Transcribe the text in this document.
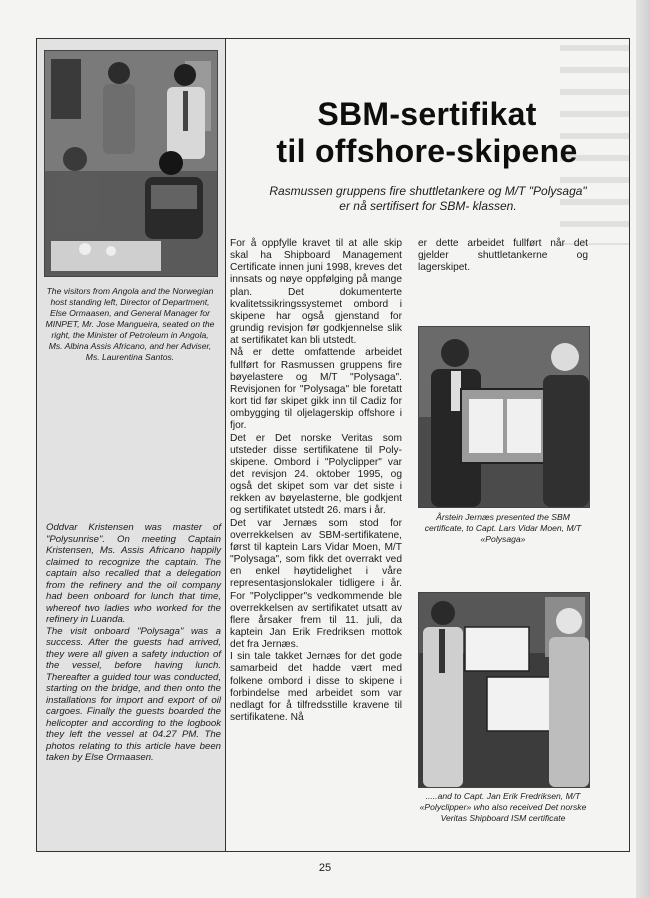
The visitors from Angola and the Norwegian host standing left, Director of Department, Else Ormaasen, and General Manager for MINPET, Mr. Jose Mangueira, seated on the right, the Minister of Petroleum in Angola, Ms. Albina Assis Africano, and her Adviser, Ms. Laurentina Santos.

Oddvar Kristensen was master of "Polysunrise". On meeting Captain Kristensen, Ms. Assis Africano happily claimed to recognize the captain. The captain also recalled that a delegation from the refinery and the oil company had been onboard for lunch that time, whereof two ladies who worked for the refinery in Luanda.

The visit onboard "Polysaga" was a success. After the guests had arrived, they were all given a safety induction of the vessel, before having lunch. Thereafter a guided tour was conducted, starting on the bridge, and then onto the installations for import and export of oil cargoes. Finally the guests boarded the helicopter and according to the logbook they left the vessel at 04.27 PM. The photos relating to this article have been taken by Else Ormaasen.

SBM-sertifikat
til offshore-skipene
Rasmussen gruppens fire shuttletankere og M/T "Polysaga"
er nå sertifisert for SBM- klassen.

For å oppfylle kravet til at alle skip skal ha Shipboard Management Certificate innen juni 1998, kreves det innsats og nøye oppfølging på mange plan. Det dokumenterte kvalitetssikringssystemet ombord i skipene har også gjenstand for grundig revisjon før godkjennelse slik at sertifikatet kan bli utstedt.

Nå er dette omfattende arbeidet fullført for Rasmussen gruppens fire bøyelastere og M/T "Polysaga". Revisjonen for "Polysaga" ble foretatt kort tid før skipet gikk inn til Cadiz for ombygging til oljelagerskip offshore i fjor.

Det er Det norske Veritas som utsteder disse sertifikatene til Poly-skipene. Ombord i "Polyclipper" var det revisjon 24. oktober 1995, og også det skipet som var det siste i rekken av bøyelasterne, ble godkjent og sertifikatet utstedt 26. mars i år.

Det var Jernæs som stod for overrekkelsen av SBM-sertifikatene, først til kaptein Lars Vidar Moen, M/T "Polysaga", som fikk det overrakt ved en enkel høytidelighet i våre representasjonslokaler tidligere i år. For "Polyclipper"s vedkommende ble overrekkelsen av sertifikatet utsatt av flere årsaker frem til 11. juli, da kaptein Jan Erik Fredriksen mottok det fra Jernæs.

I sin tale takket Jernæs for det gode samarbeid det hadde vært med folkene ombord i disse to skipene i forbindelse med arbeidet som var nedlagt for å tilfredsstille kravene til sertifikatene. Nå

er dette arbeidet fullført når det gjelder shuttletankerne og lagerskipet.
Årstein Jernæs presented the SBM certificate, to Capt. Lars Vidar Moen, M/T «Polysaga»
.....and to Capt. Jan Erik Fredriksen, M/T «Polyclipper» who also received Det norske Veritas Shipboard ISM certificate
25
